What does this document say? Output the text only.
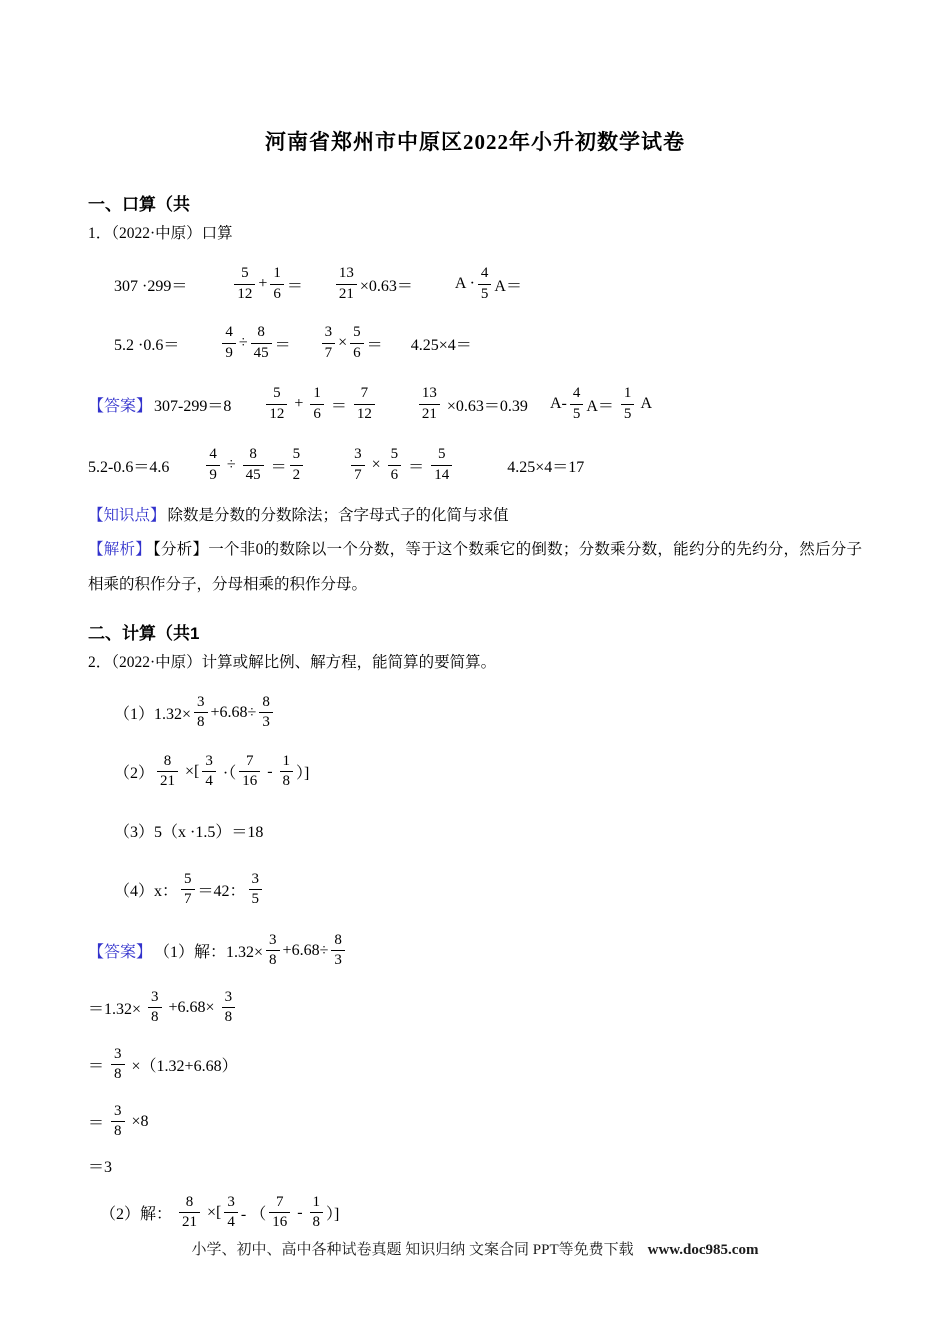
河南省郑州市中原区2022年小升初数学试卷
一、口算（共
1．（2022·中原）口算
307 ·299＝	$\frac{5}{12} + \frac{1}{6} = \frac{13}{21} \times 0.63=$	$A \cdot \frac{4}{5} A=$
5.2 ·0.6＝	$\frac{4}{9} \div \frac{8}{45} = \frac{3}{7} \times \frac{5}{6} = 4.25\times 4=$
【答案】 $307-299=8 \frac{5}{12} + \frac{1}{6} = \frac{7}{12}$	$\frac{13}{21} \times 0.63=0.39$ $A- \frac{4}{5} A= \frac{1}{5}$ A
$5.2-0.6=4.6 \frac{4}{9} \div \frac{8}{45} = \frac{5}{2}$	$\frac{3}{7} \times \frac{5}{6} = \frac{5}{14}$	4.25×4＝17
【知识点】 除数是分数的分数除法；含字母式子的化简与求值
【解析】 【分析】一个非0的数除以一个分数，等于这个数乘它的倒数；分数乘分数，能约分的先约分，然后分子相乘的积作分子，分母相乘的积作分母。
二、计算（共1
2．（2022·中原）计算或解比例、解方程，能简算的要简算。
$(1)1.32\times \frac{3}{8} +6.68\div \frac{8}{3}$
$(2) \frac{8}{21}$ ×[ $\frac{3}{4}$ ·（ $\frac{7}{16} - \frac{1}{8}$ ）]
（3）5（x ·1.5）＝18
（4）x： $\frac{5}{7} =42$： $\frac{3}{5}$
【答案】 （1）解：$1.32\times \frac{3}{8} +6.68\div \frac{8}{3}$
$=1.32\times \frac{3}{8} +6.68\times \frac{3}{8}$
＝ $\frac{3}{8} \times(1.32+6.68)$
＝ $\frac{3}{8} \times 8$
＝3
（2）解： $\frac{8}{21}$ ×[ $\frac{3}{4}$ - （ $\frac{7}{16} - \frac{1}{8}$ ）]
小学、初中、高中各种试卷真题 知识归纳 文案合同 PPT等免费下载 www.doc985.com
